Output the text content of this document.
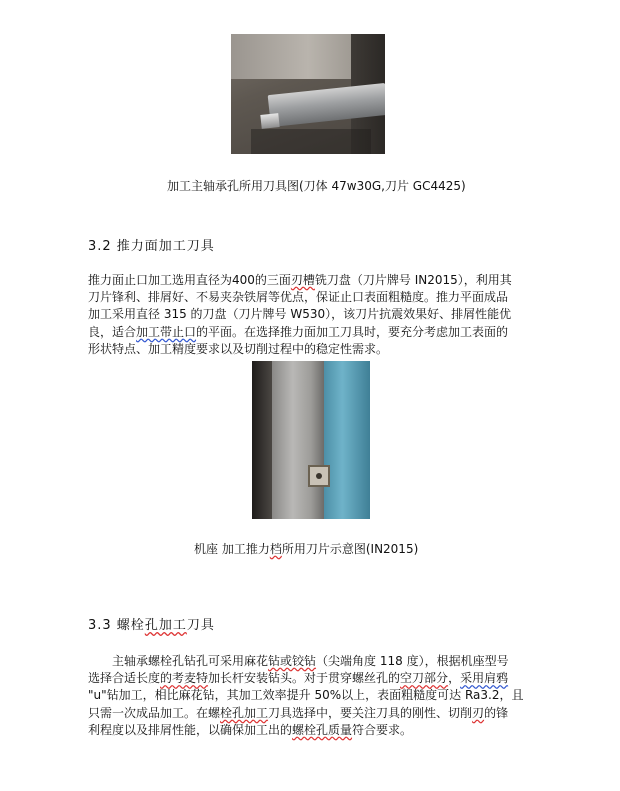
加工主轴承孔所用刀具图(刀体 47w30G,刀片 GC4425)
3.2 推力面加工刀具

推力面止口加工选用直径为400的三面刃槽铣刀盘（刀片牌号 IN2015），利用其

刀片锋利、排屑好、不易夹杂铁屑等优点，保证止口表面粗糙度。推力平面成品

加工采用直径 315 的刀盘（刀片牌号 W530），该刀片抗震效果好、排屑性能优

良，适合加工带止口的平面。在选择推力面加工刀具时，要充分考虑加工表面的

形状特点、加工精度要求以及切削过程中的稳定性需求。

机座 加工推力档所用刀片示意图(IN2015)
3.3 螺栓孔加工刀具

　　主轴承螺栓孔钻孔可采用麻花钻或铰钻（尖端角度 118 度），根据机座型号

选择合适长度的考麦特加长杆安装钻头。对于贯穿螺丝孔的空刀部分，采用肩鸦

"u"钻加工，相比麻花钻，其加工效率提升 50%以上，表面粗糙度可达 Ra3.2，且

只需一次成品加工。在螺栓孔加工刀具选择中，要关注刀具的刚性、切削刃的锋

利程度以及排屑性能，以确保加工出的螺栓孔质量符合要求。
